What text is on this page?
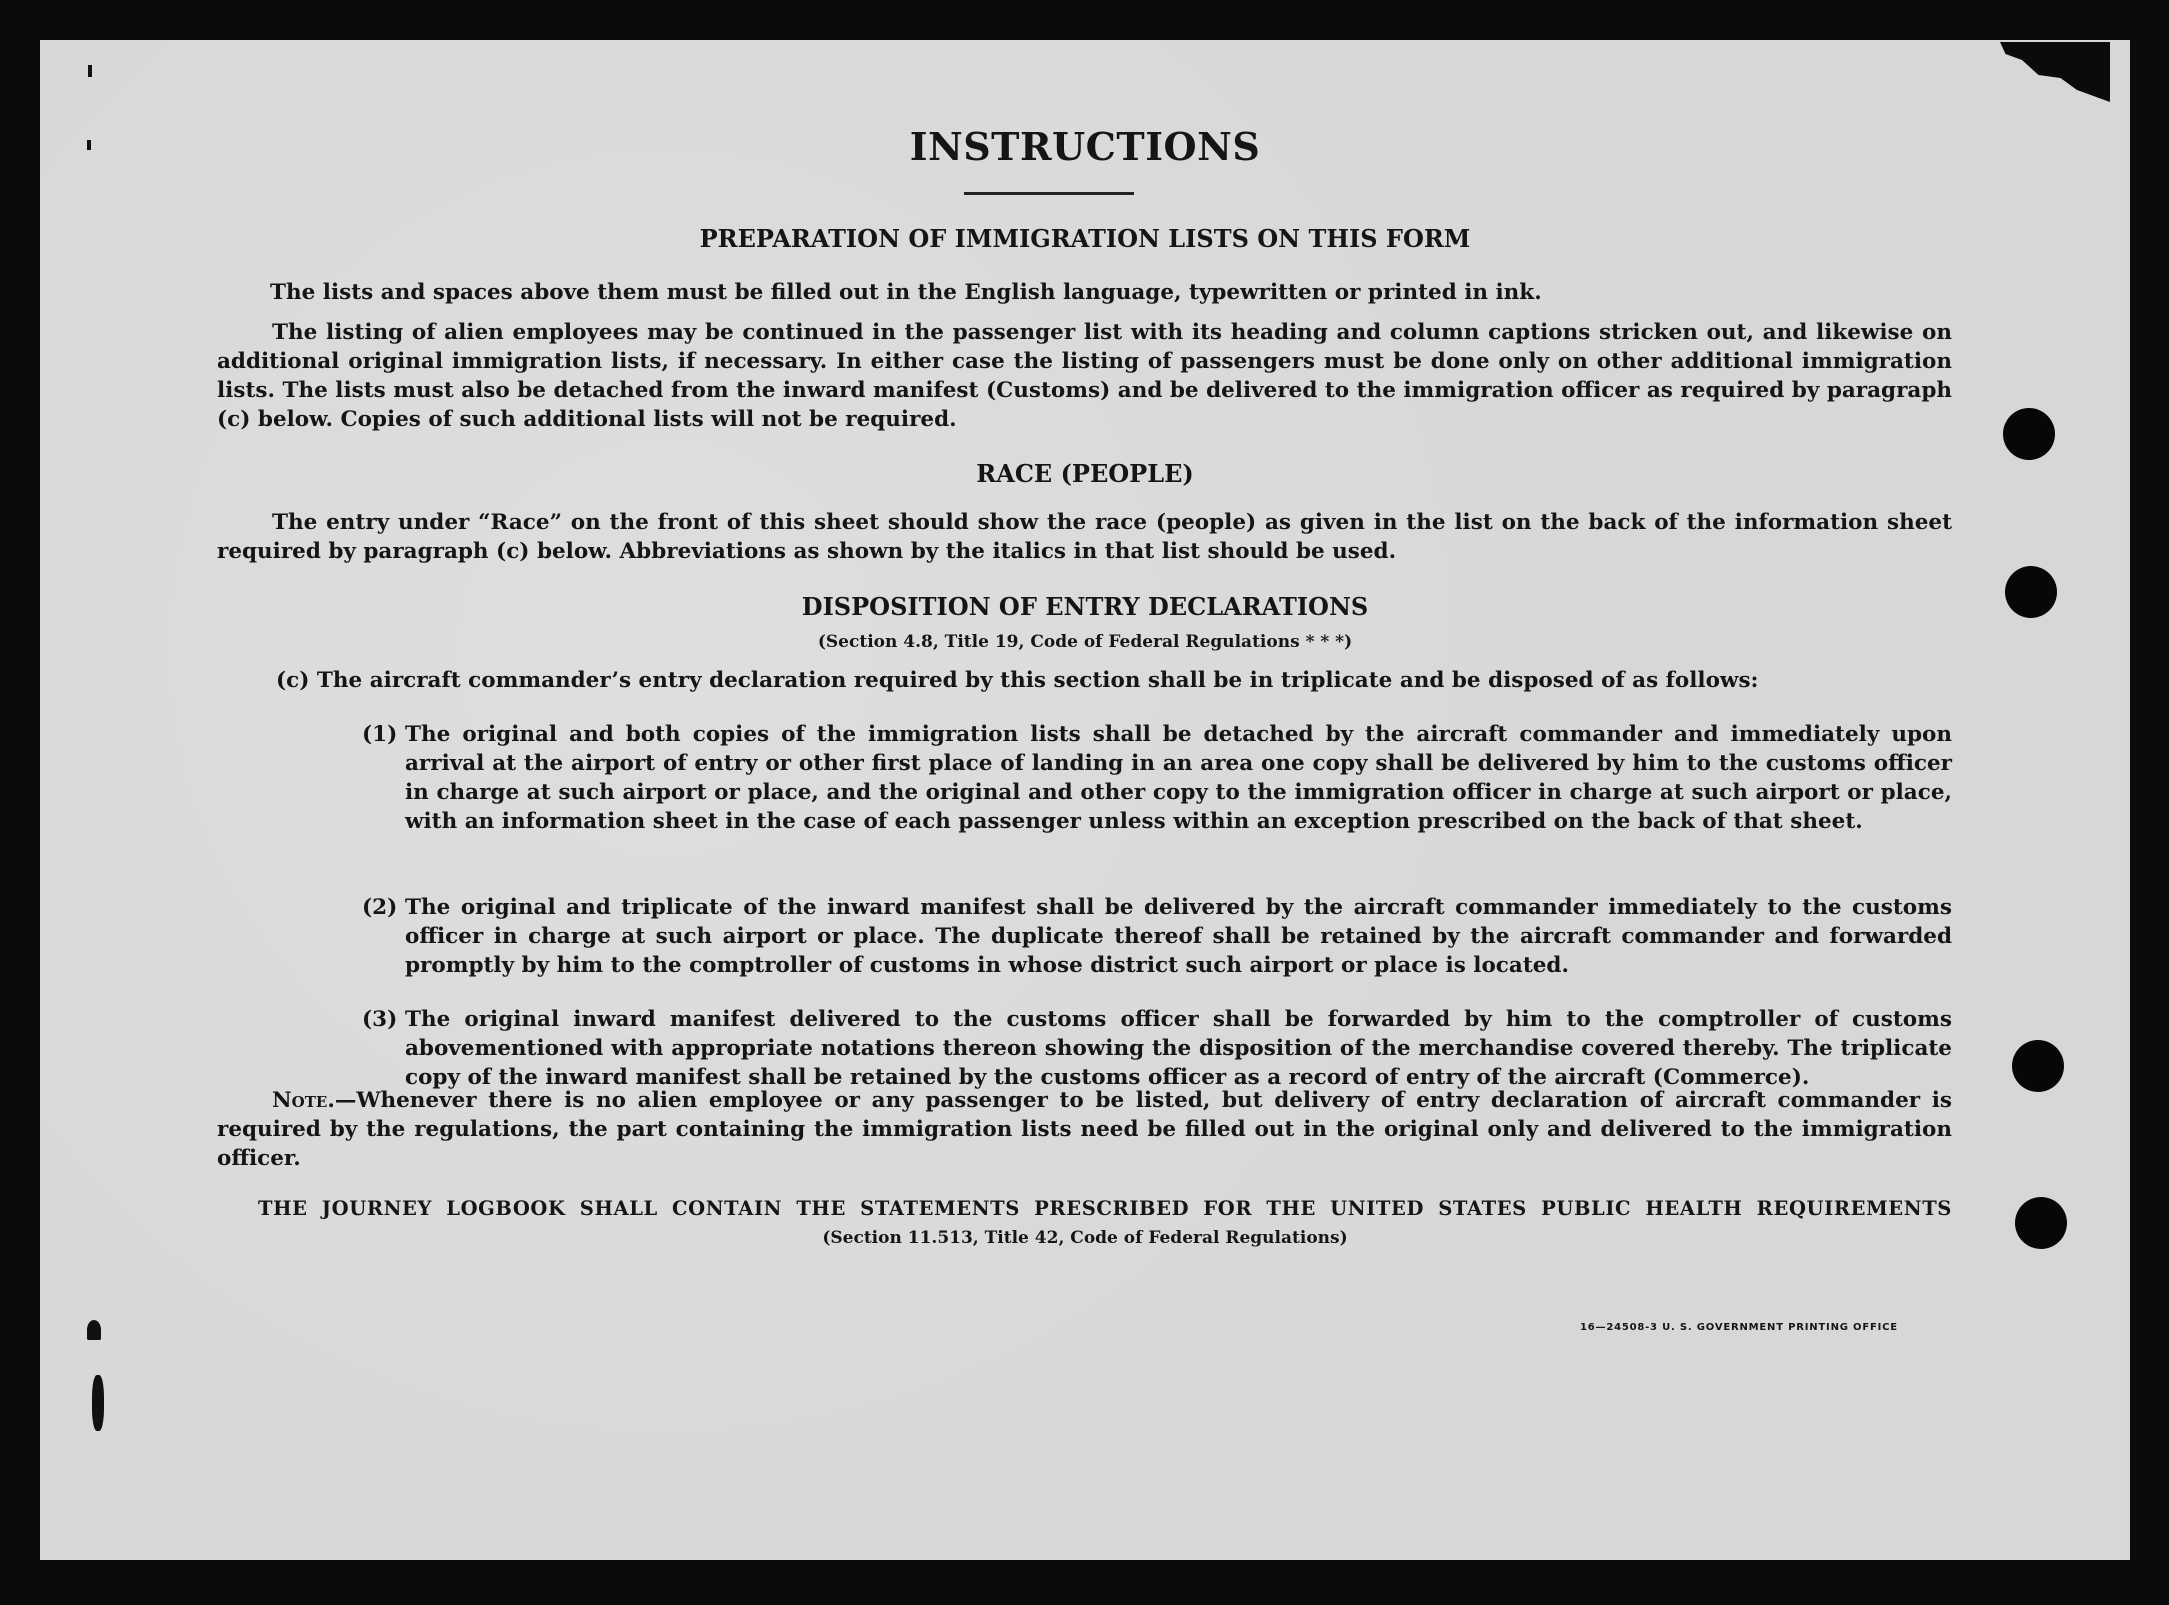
INSTRUCTIONS
PREPARATION OF IMMIGRATION LISTS ON THIS FORM
The lists and spaces above them must be filled out in the English language, typewritten or printed in ink.
The listing of alien employees may be continued in the passenger list with its heading and column captions stricken out, and likewise on additional original immigration lists, if necessary. In either case the listing of passengers must be done only on other additional immigration lists. The lists must also be detached from the inward manifest (Customs) and be delivered to the immigration officer as required by paragraph (c) below. Copies of such additional lists will not be required.
RACE (PEOPLE)
The entry under “Race” on the front of this sheet should show the race (people) as given in the list on the back of the information sheet required by paragraph (c) below. Abbreviations as shown by the italics in that list should be used.
DISPOSITION OF ENTRY DECLARATIONS
(Section 4.8, Title 19, Code of Federal Regulations * * *)
(c) The aircraft commander’s entry declaration required by this section shall be in triplicate and be disposed of as follows:
(1) The original and both copies of the immigration lists shall be detached by the aircraft commander and immediately upon arrival at the airport of entry or other first place of landing in an area one copy shall be delivered by him to the customs officer in charge at such airport or place, and the original and other copy to the immigration officer in charge at such airport or place, with an information sheet in the case of each passenger unless within an exception prescribed on the back of that sheet.
(2) The original and triplicate of the inward manifest shall be delivered by the aircraft commander immediately to the customs officer in charge at such airport or place. The duplicate thereof shall be retained by the aircraft commander and forwarded promptly by him to the comptroller of customs in whose district such airport or place is located.
(3) The original inward manifest delivered to the customs officer shall be forwarded by him to the comptroller of customs abovementioned with appropriate notations thereon showing the disposition of the merchandise covered thereby. The triplicate copy of the inward manifest shall be retained by the customs officer as a record of entry of the aircraft (Commerce).
Note.—Whenever there is no alien employee or any passenger to be listed, but delivery of entry declaration of aircraft commander is required by the regulations, the part containing the immigration lists need be filled out in the original only and delivered to the immigration officer.
THE JOURNEY LOGBOOK SHALL CONTAIN THE STATEMENTS PRESCRIBED FOR THE UNITED STATES PUBLIC HEALTH REQUIREMENTS
(Section 11.513, Title 42, Code of Federal Regulations)
16—24508-3 U. S. GOVERNMENT PRINTING OFFICE
